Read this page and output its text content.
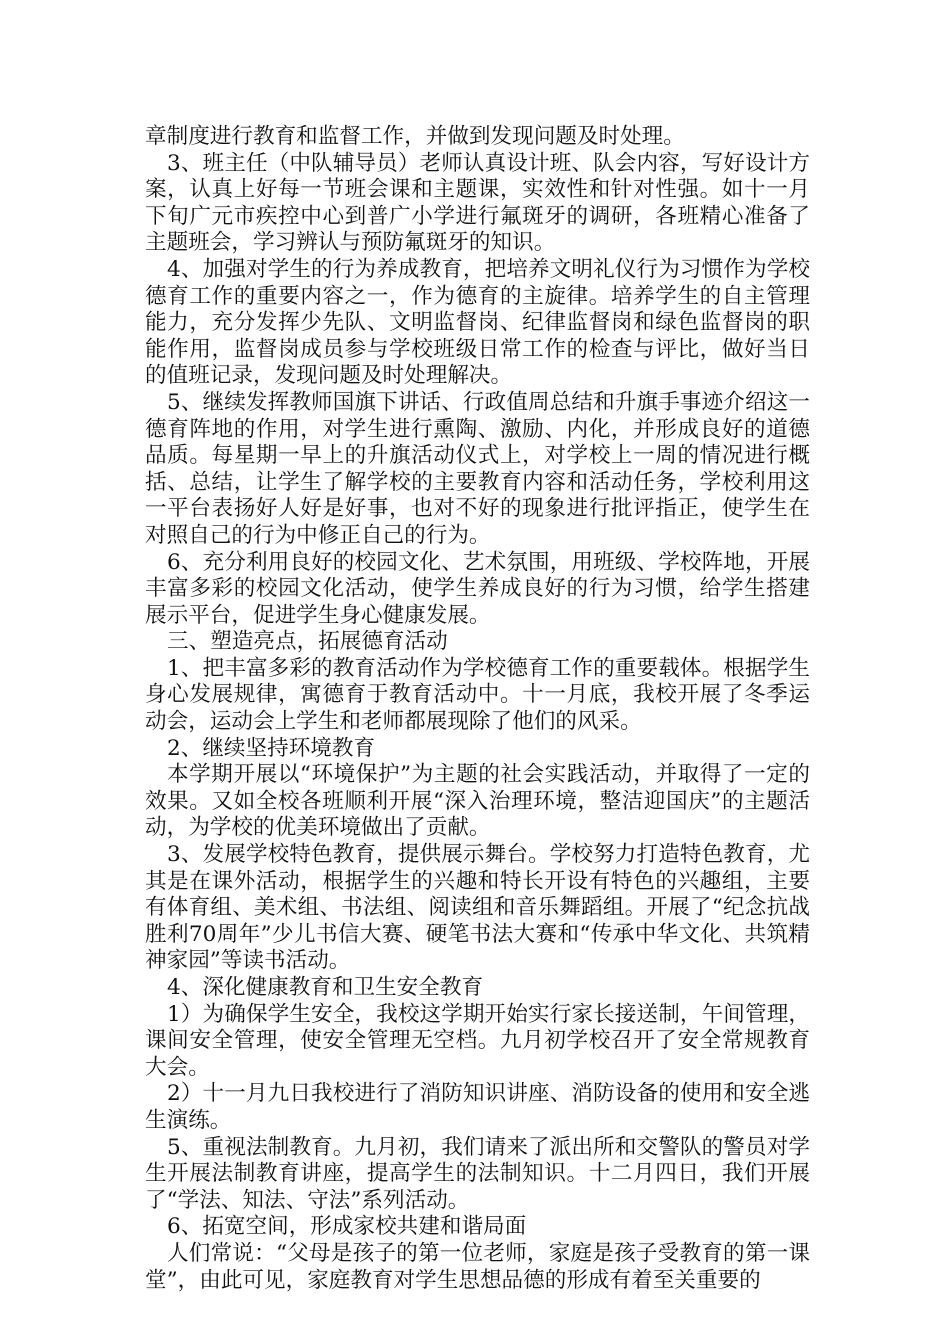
章制度进行教育和监督工作，并做到发现问题及时处理。

3、班主任（中队辅导员）老师认真设计班、队会内容，写好设计方案，认真上好每一节班会课和主题课，实效性和针对性强。如十一月下旬广元市疾控中心到普广小学进行氟斑牙的调研，各班精心准备了主题班会，学习辨认与预防氟斑牙的知识。

4、加强对学生的行为养成教育，把培养文明礼仪行为习惯作为学校德育工作的重要内容之一，作为德育的主旋律。培养学生的自主管理能力，充分发挥少先队、文明监督岗、纪律监督岗和绿色监督岗的职能作用，监督岗成员参与学校班级日常工作的检查与评比，做好当日的值班记录，发现问题及时处理解决。

5、继续发挥教师国旗下讲话、行政值周总结和升旗手事迹介绍这一德育阵地的作用，对学生进行熏陶、激励、内化，并形成良好的道德品质。每星期一早上的升旗活动仪式上，对学校上一周的情况进行概括、总结，让学生了解学校的主要教育内容和活动任务，学校利用这一平台表扬好人好是好事，也对不好的现象进行批评指正，使学生在对照自己的行为中修正自己的行为。

6、充分利用良好的校园文化、艺术氛围，用班级、学校阵地，开展丰富多彩的校园文化活动，使学生养成良好的行为习惯，给学生搭建展示平台，促进学生身心健康发展。

三、塑造亮点，拓展德育活动

1、把丰富多彩的教育活动作为学校德育工作的重要载体。根据学生身心发展规律，寓德育于教育活动中。十一月底，我校开展了冬季运动会，运动会上学生和老师都展现除了他们的风采。

2、继续坚持环境教育

本学期开展以“环境保护”为主题的社会实践活动，并取得了一定的效果。又如全校各班顺利开展“深入治理环境，整洁迎国庆”的主题活动，为学校的优美环境做出了贡献。

3、发展学校特色教育，提供展示舞台。学校努力打造特色教育，尤其是在课外活动，根据学生的兴趣和特长开设有特色的兴趣组，主要有体育组、美术组、书法组、阅读组和音乐舞蹈组。开展了“纪念抗战胜利70周年”少儿书信大赛、硬笔书法大赛和“传承中华文化、共筑精神家园”等读书活动。

4、深化健康教育和卫生安全教育

1）为确保学生安全，我校这学期开始实行家长接送制，午间管理，课间安全管理，使安全管理无空档。九月初学校召开了安全常规教育大会。

2）十一月九日我校进行了消防知识讲座、消防设备的使用和安全逃生演练。

5、重视法制教育。九月初，我们请来了派出所和交警队的警员对学生开展法制教育讲座，提高学生的法制知识。十二月四日，我们开展了“学法、知法、守法”系列活动。

6、拓宽空间，形成家校共建和谐局面

人们常说：“父母是孩子的第一位老师，家庭是孩子受教育的第一课堂”，由此可见，家庭教育对学生思想品德的形成有着至关重要的
